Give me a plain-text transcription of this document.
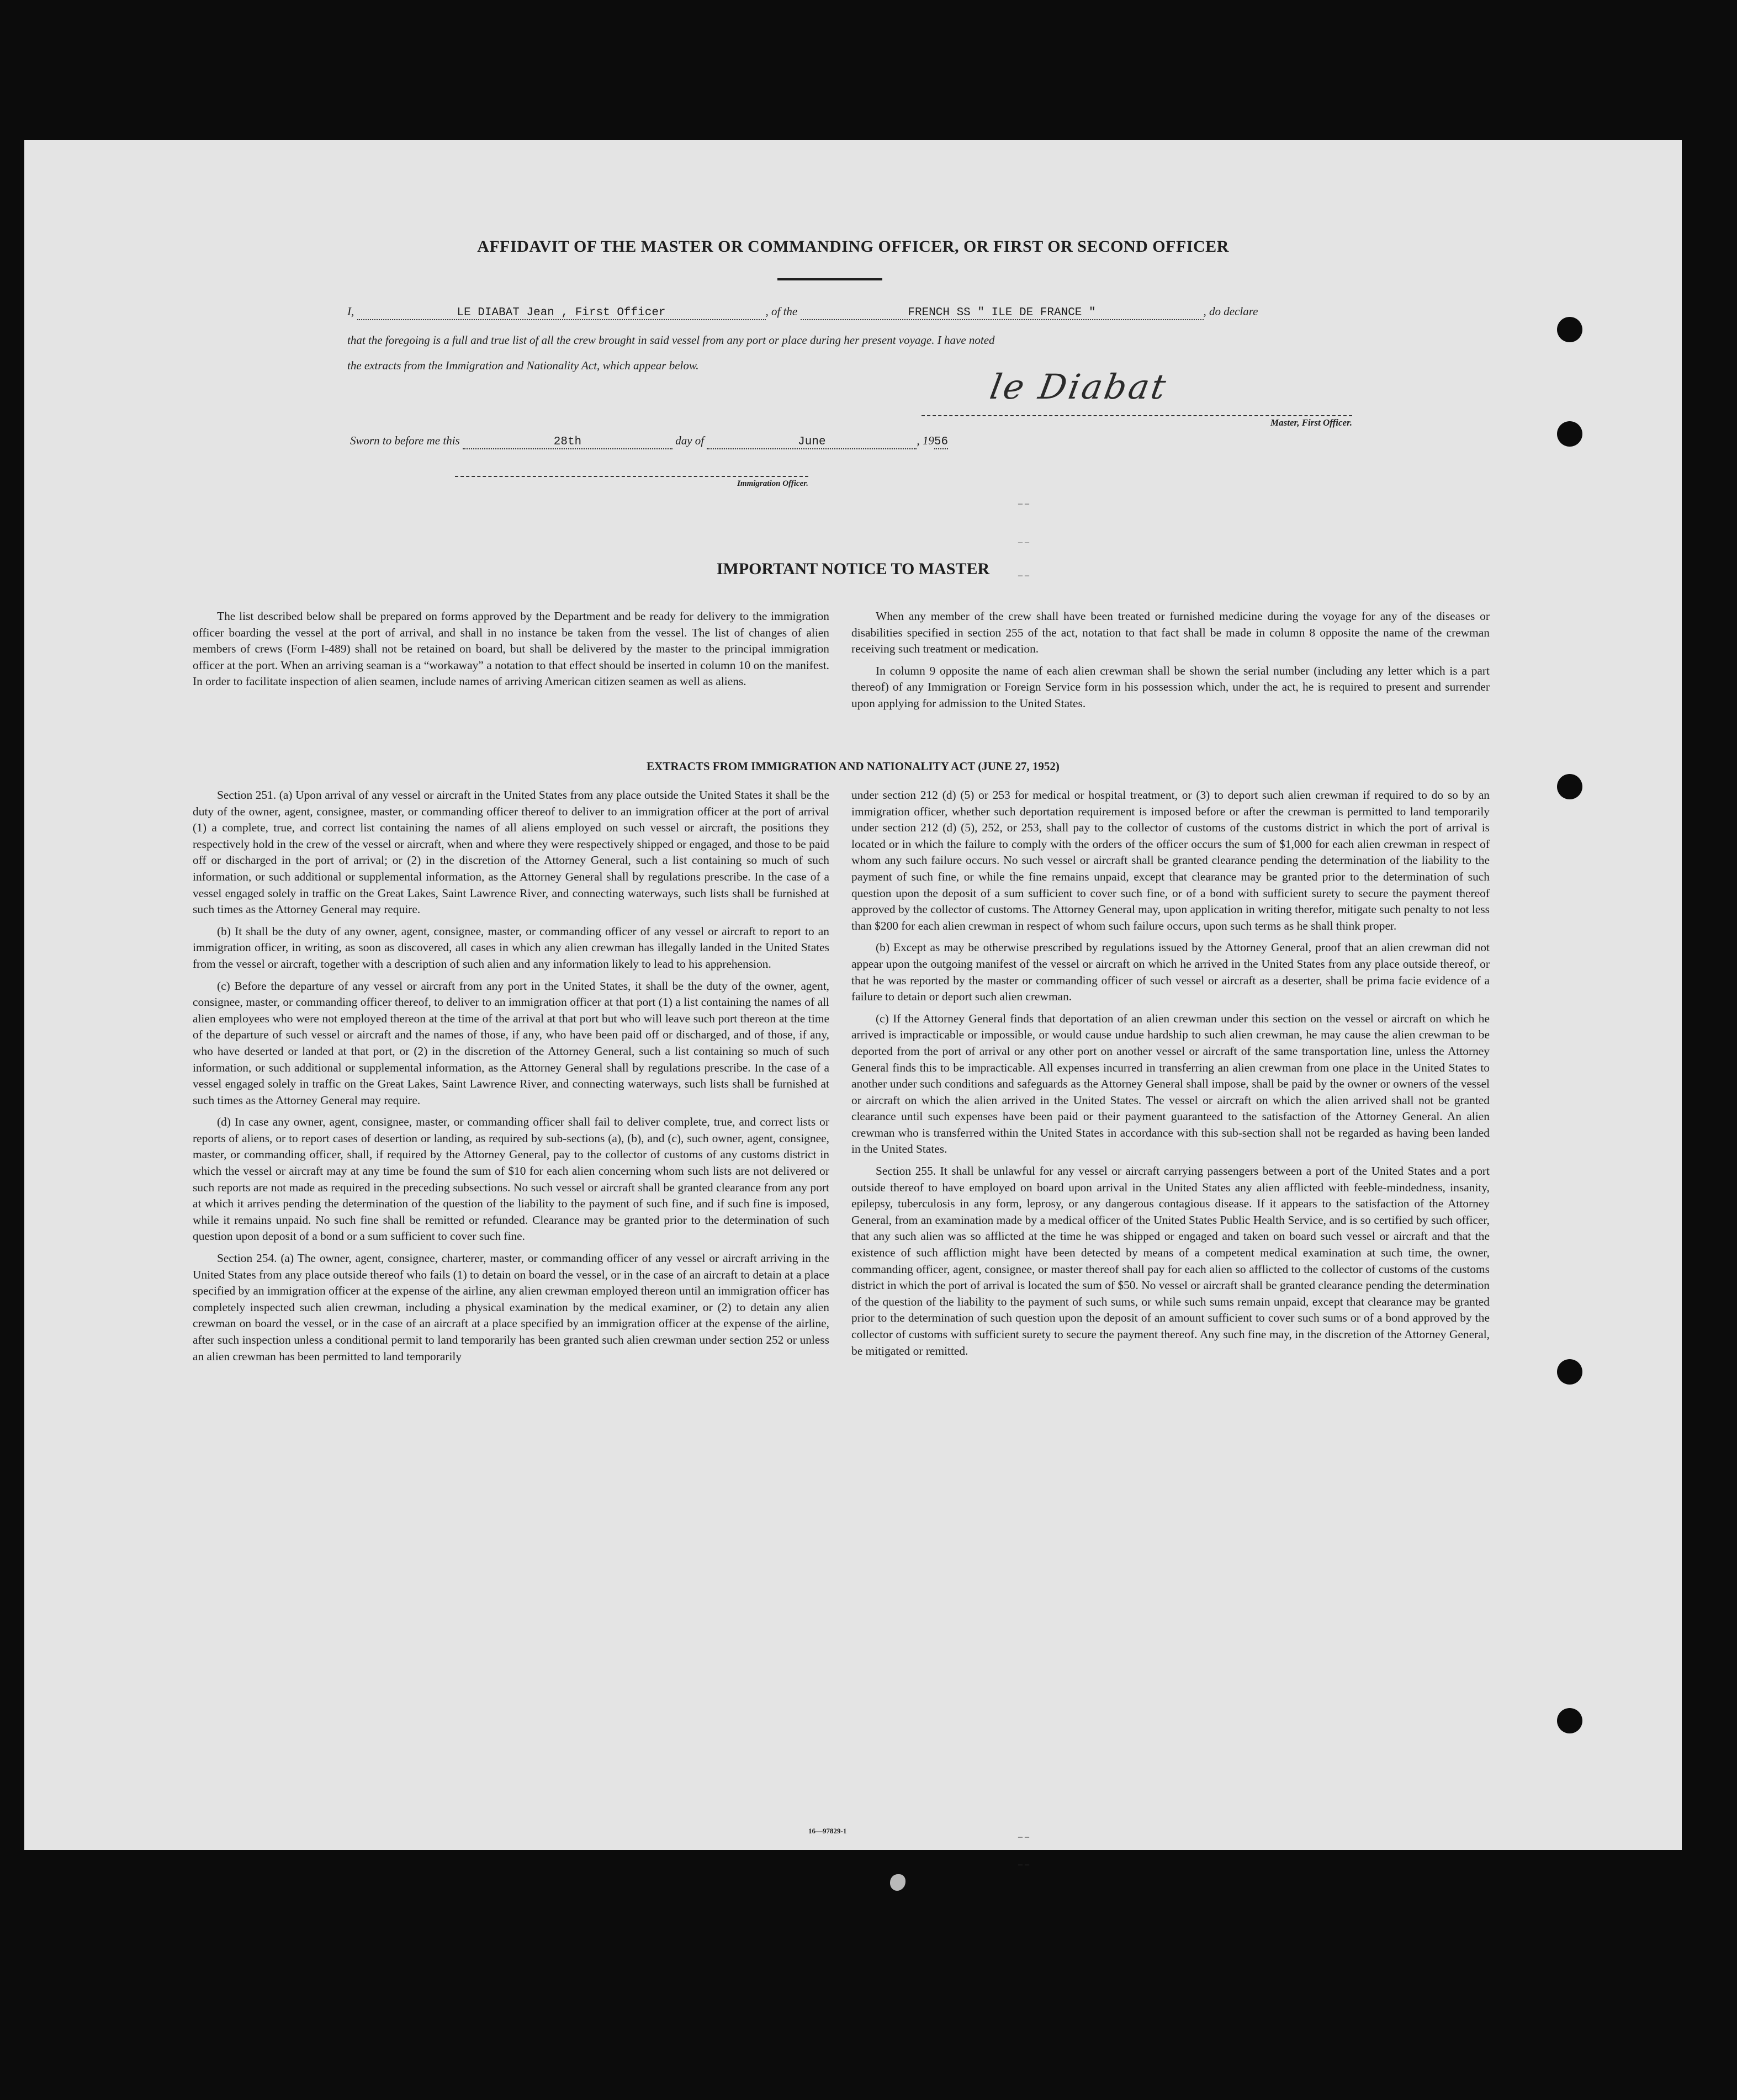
AFFIDAVIT OF THE MASTER OR COMMANDING OFFICER, OR FIRST OR SECOND OFFICER
I,	LE DIABAT Jean , First Officer	, of the	FRENCH SS " ILE DE FRANCE "	, do declare
that the foregoing is a full and true list of all the crew brought in said vessel from any port or place during her present voyage. I have noted
the extracts from the Immigration and Nationality Act, which appear below.
le Diabat
Master, First Officer.
Sworn to before me this	28th	day of	June	, 1956
Immigration Officer.
IMPORTANT NOTICE TO MASTER

The list described below shall be prepared on forms approved by the Department and be ready for delivery to the immigration officer boarding the vessel at the port of arrival, and shall in no instance be taken from the vessel. The list of changes of alien members of crews (Form I-489) shall not be retained on board, but shall be delivered by the master to the principal immigration officer at the port. When an arriving seaman is a “workaway” a notation to that effect should be inserted in column 10 on the manifest. In order to facilitate inspection of alien seamen, include names of arriving American citizen seamen as well as aliens.

When any member of the crew shall have been treated or furnished medicine during the voyage for any of the diseases or disabilities specified in section 255 of the act, notation to that fact shall be made in column 8 opposite the name of the crewman receiving such treatment or medication.

In column 9 opposite the name of each alien crewman shall be shown the serial number (including any letter which is a part thereof) of any Immigration or Foreign Service form in his possession which, under the act, he is required to present and surrender upon applying for admission to the United States.

EXTRACTS FROM IMMIGRATION AND NATIONALITY ACT (JUNE 27, 1952)

Section 251. (a) Upon arrival of any vessel or aircraft in the United States from any place outside the United States it shall be the duty of the owner, agent, consignee, master, or commanding officer thereof to deliver to an immigration officer at the port of arrival (1) a complete, true, and correct list containing the names of all aliens employed on such vessel or aircraft, the positions they respectively hold in the crew of the vessel or aircraft, when and where they were respectively shipped or engaged, and those to be paid off or discharged in the port of arrival; or (2) in the discretion of the Attorney General, such a list containing so much of such information, or such additional or supplemental information, as the Attorney General shall by regulations prescribe. In the case of a vessel engaged solely in traffic on the Great Lakes, Saint Lawrence River, and connecting waterways, such lists shall be furnished at such times as the Attorney General may require.

(b) It shall be the duty of any owner, agent, consignee, master, or commanding officer of any vessel or aircraft to report to an immigration officer, in writing, as soon as discovered, all cases in which any alien crewman has illegally landed in the United States from the vessel or aircraft, together with a description of such alien and any information likely to lead to his apprehension.

(c) Before the departure of any vessel or aircraft from any port in the United States, it shall be the duty of the owner, agent, consignee, master, or commanding officer thereof, to deliver to an immigration officer at that port (1) a list containing the names of all alien employees who were not employed thereon at the time of the arrival at that port but who will leave such port thereon at the time of the departure of such vessel or aircraft and the names of those, if any, who have been paid off or discharged, and of those, if any, who have deserted or landed at that port, or (2) in the discretion of the Attorney General, such a list containing so much of such information, or such additional or supplemental information, as the Attorney General shall by regulations prescribe. In the case of a vessel engaged solely in traffic on the Great Lakes, Saint Lawrence River, and connecting waterways, such lists shall be furnished at such times as the Attorney General may require.

(d) In case any owner, agent, consignee, master, or commanding officer shall fail to deliver complete, true, and correct lists or reports of aliens, or to report cases of desertion or landing, as required by sub-sections (a), (b), and (c), such owner, agent, consignee, master, or commanding officer, shall, if required by the Attorney General, pay to the collector of customs of any customs district in which the vessel or aircraft may at any time be found the sum of $10 for each alien concerning whom such lists are not delivered or such reports are not made as required in the preceding subsections. No such vessel or aircraft shall be granted clearance from any port at which it arrives pending the determination of the question of the liability to the payment of such fine, and if such fine is imposed, while it remains unpaid. No such fine shall be remitted or refunded. Clearance may be granted prior to the determination of such question upon deposit of a bond or a sum sufficient to cover such fine.

Section 254. (a) The owner, agent, consignee, charterer, master, or commanding officer of any vessel or aircraft arriving in the United States from any place outside thereof who fails (1) to detain on board the vessel, or in the case of an aircraft to detain at a place specified by an immigration officer at the expense of the airline, any alien crewman employed thereon until an immigration officer has completely inspected such alien crewman, including a physical examination by the medical examiner, or (2) to detain any alien crewman on board the vessel, or in the case of an aircraft at a place specified by an immigration officer at the expense of the airline, after such inspection unless a conditional permit to land temporarily has been granted such alien crewman under section 252 or unless an alien crewman has been permitted to land temporarily

under section 212 (d) (5) or 253 for medical or hospital treatment, or (3) to deport such alien crewman if required to do so by an immigration officer, whether such deportation requirement is imposed before or after the crewman is permitted to land temporarily under section 212 (d) (5), 252, or 253, shall pay to the collector of customs of the customs district in which the port of arrival is located or in which the failure to comply with the orders of the officer occurs the sum of $1,000 for each alien crewman in respect of whom any such failure occurs. No such vessel or aircraft shall be granted clearance pending the determination of the liability to the payment of such fine, or while the fine remains unpaid, except that clearance may be granted prior to the determination of such question upon the deposit of a sum sufficient to cover such fine, or of a bond with sufficient surety to secure the payment thereof approved by the collector of customs. The Attorney General may, upon application in writing therefor, mitigate such penalty to not less than $200 for each alien crewman in respect of whom such failure occurs, upon such terms as he shall think proper.

(b) Except as may be otherwise prescribed by regulations issued by the Attorney General, proof that an alien crewman did not appear upon the outgoing manifest of the vessel or aircraft on which he arrived in the United States from any place outside thereof, or that he was reported by the master or commanding officer of such vessel or aircraft as a deserter, shall be prima facie evidence of a failure to detain or deport such alien crewman.

(c) If the Attorney General finds that deportation of an alien crewman under this section on the vessel or aircraft on which he arrived is impracticable or impossible, or would cause undue hardship to such alien crewman, he may cause the alien crewman to be deported from the port of arrival or any other port on another vessel or aircraft of the same transportation line, unless the Attorney General finds this to be impracticable. All expenses incurred in transferring an alien crewman from one place in the United States to another under such conditions and safeguards as the Attorney General shall impose, shall be paid by the owner or owners of the vessel or aircraft on which the alien arrived in the United States. The vessel or aircraft on which the alien arrived shall not be granted clearance until such expenses have been paid or their payment guaranteed to the satisfaction of the Attorney General. An alien crewman who is transferred within the United States in accordance with this sub-section shall not be regarded as having been landed in the United States.

Section 255. It shall be unlawful for any vessel or aircraft carrying passengers between a port of the United States and a port outside thereof to have employed on board upon arrival in the United States any alien afflicted with feeble-mindedness, insanity, epilepsy, tuberculosis in any form, leprosy, or any dangerous contagious disease. If it appears to the satisfaction of the Attorney General, from an examination made by a medical officer of the United States Public Health Service, and is so certified by such officer, that any such alien was so afflicted at the time he was shipped or engaged and taken on board such vessel or aircraft and that the existence of such affliction might have been detected by means of a competent medical examination at such time, the owner, commanding officer, agent, consignee, or master thereof shall pay for each alien so afflicted to the collector of customs of the customs district in which the port of arrival is located the sum of $50. No vessel or aircraft shall be granted clearance pending the determination of the question of the liability to the payment of such sums, or while such sums remain unpaid, except that clearance may be granted prior to the determination of such question upon the deposit of an amount sufficient to cover such sums or of a bond approved by the collector of customs with sufficient surety to secure the payment thereof. Any such fine may, in the discretion of the Attorney General, be mitigated or remitted.

16—97829-1
– –
– –
– –
– –
– –
